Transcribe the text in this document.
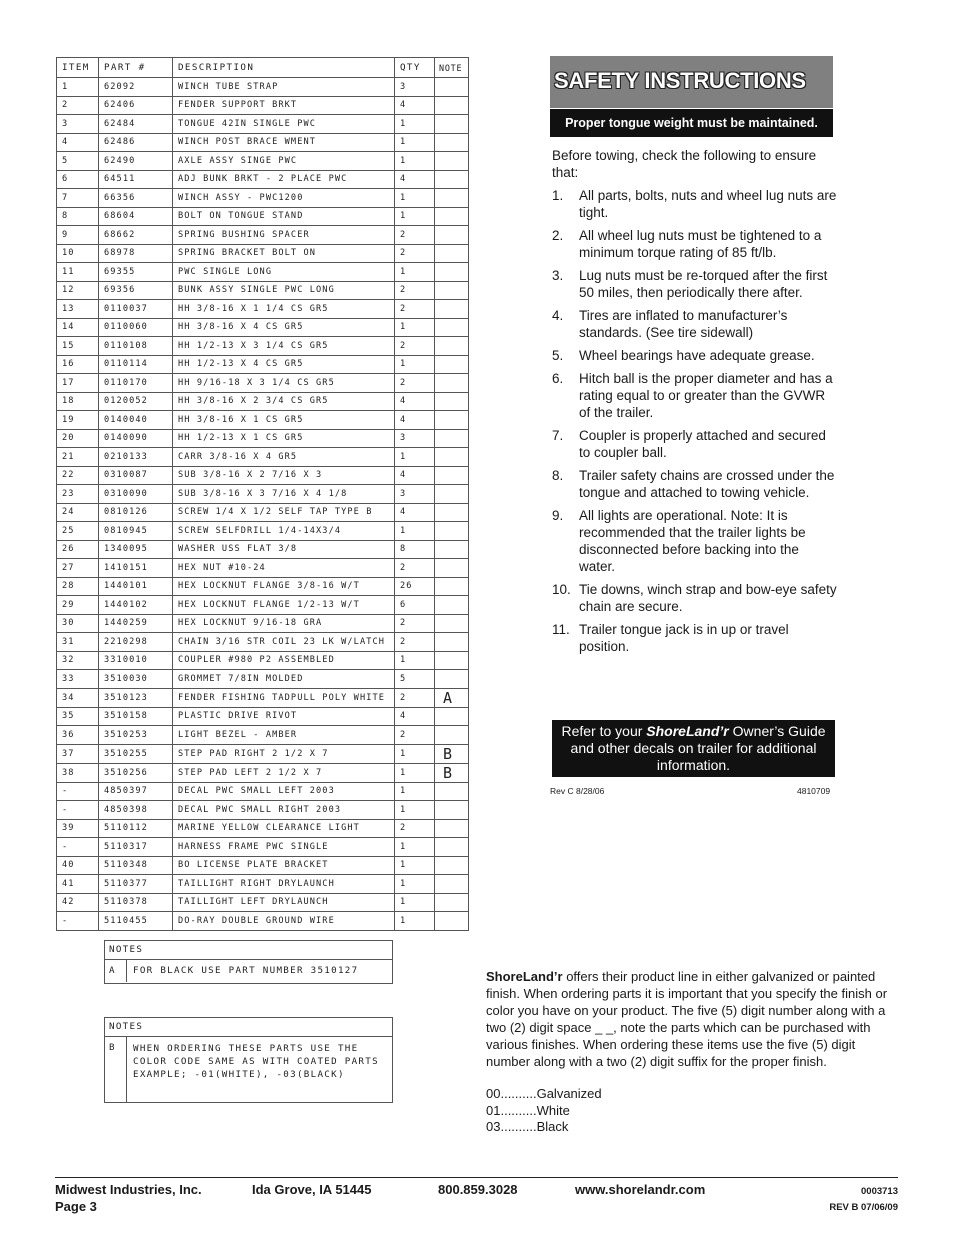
ITEM	PART #	DESCRIPTION	QTY	NOTE
1	62092	WINCH TUBE STRAP	3	
2	62406	FENDER SUPPORT BRKT	4	
3	62484	TONGUE 42IN SINGLE PWC	1	
4	62486	WINCH POST BRACE WMENT	1	
5	62490	AXLE ASSY SINGE PWC	1	
6	64511	ADJ BUNK BRKT - 2 PLACE PWC	4	
7	66356	WINCH ASSY - PWC1200	1	
8	68604	BOLT ON TONGUE STAND	1	
9	68662	SPRING BUSHING SPACER	2	
10	68978	SPRING BRACKET BOLT ON	2	
11	69355	PWC SINGLE LONG	1	
12	69356	BUNK ASSY SINGLE PWC LONG	2	
13	0110037	HH 3/8-16 X 1 1/4 CS GR5	2	
14	0110060	HH 3/8-16 X 4 CS GR5	1	
15	0110108	HH 1/2-13 X 3 1/4 CS GR5	2	
16	0110114	HH 1/2-13 X 4 CS GR5	1	
17	0110170	HH 9/16-18 X 3 1/4 CS GR5	2	
18	0120052	HH 3/8-16 X 2 3/4 CS GR5	4	
19	0140040	HH 3/8-16 X 1 CS GR5	4	
20	0140090	HH 1/2-13 X 1 CS GR5	3	
21	0210133	CARR 3/8-16 X 4 GR5	1	
22	0310087	SUB 3/8-16 X 2 7/16 X 3	4	
23	0310090	SUB 3/8-16 X 3 7/16 X 4 1/8	3	
24	0810126	SCREW 1/4 X 1/2 SELF TAP TYPE B	4	
25	0810945	SCREW SELFDRILL 1/4-14X3/4	1	
26	1340095	WASHER USS FLAT 3/8	8	
27	1410151	HEX NUT #10-24	2	
28	1440101	HEX LOCKNUT FLANGE 3/8-16 W/T	26	
29	1440102	HEX LOCKNUT FLANGE 1/2-13 W/T	6	
30	1440259	HEX LOCKNUT 9/16-18 GRA	2	
31	2210298	CHAIN 3/16 STR COIL 23 LK W/LATCH	2	
32	3310010	COUPLER #980 P2 ASSEMBLED	1	
33	3510030	GROMMET 7/8IN MOLDED	5	
34	3510123	FENDER FISHING TADPULL POLY WHITE	2	A
35	3510158	PLASTIC DRIVE RIVOT	4	
36	3510253	LIGHT BEZEL - AMBER	2	
37	3510255	STEP PAD RIGHT 2 1/2 X 7	1	B
38	3510256	STEP PAD LEFT 2 1/2 X 7	1	B
-	4850397	DECAL PWC SMALL LEFT 2003	1	
-	4850398	DECAL PWC SMALL RIGHT 2003	1	
39	5110112	MARINE YELLOW CLEARANCE LIGHT	2	
-	5110317	HARNESS FRAME PWC SINGLE	1	
40	5110348	BO LICENSE PLATE BRACKET	1	
41	5110377	TAILLIGHT RIGHT DRYLAUNCH	1	
42	5110378	TAILLIGHT LEFT DRYLAUNCH	1	
-	5110455	DO-RAY DOUBLE GROUND WIRE	1	
NOTES
A	FOR BLACK USE PART NUMBER 3510127
NOTES
B	WHEN ORDERING THESE PARTS USE THE
COLOR CODE SAME AS WITH COATED PARTS
EXAMPLE; -01(WHITE), -03(BLACK)
SAFETY INSTRUCTIONS
Proper tongue weight must be maintained.
Before towing, check the following to ensure that:
1.	All parts, bolts, nuts and wheel lug nuts are tight.
2.	All wheel lug nuts must be tightened to a minimum torque rating of 85 ft/lb.
3.	Lug nuts must be re-torqued after the first 50 miles, then periodically there after.
4.	Tires are inflated to manufacturer’s standards. (See tire sidewall)
5.	Wheel bearings have adequate grease.
6.	Hitch ball is the proper diameter and has a rating equal to or greater than the GVWR of the trailer.
7.	Coupler is properly attached and secured to coupler ball.
8.	Trailer safety chains are crossed under the tongue and attached to towing vehicle.
9.	All lights are operational. Note: It is recommended that the trailer lights be disconnected before backing into the water.
10. Tie downs, winch strap and bow-eye safety chain are secure.
11. Trailer tongue jack is in up or travel position.
Refer to your ShoreLand’r Owner’s Guide and other decals on trailer for additional information.
Rev C 8/28/06	4810709
ShoreLand’r offers their product line in either galvanized or painted finish. When ordering parts it is important that you specify the finish or color you have on your product. The five (5) digit number along with a two (2) digit space _ _, note the parts which can be purchased with various finishes. When ordering these items use the five (5) digit number along with a two (2) digit suffix for the proper finish.
00..........Galvanized
01..........White
03..........Black
Midwest Industries, Inc.
Page 3
Ida Grove, IA 51445	800.859.3028	www.shorelandr.com	0003713
REV B 07/06/09
